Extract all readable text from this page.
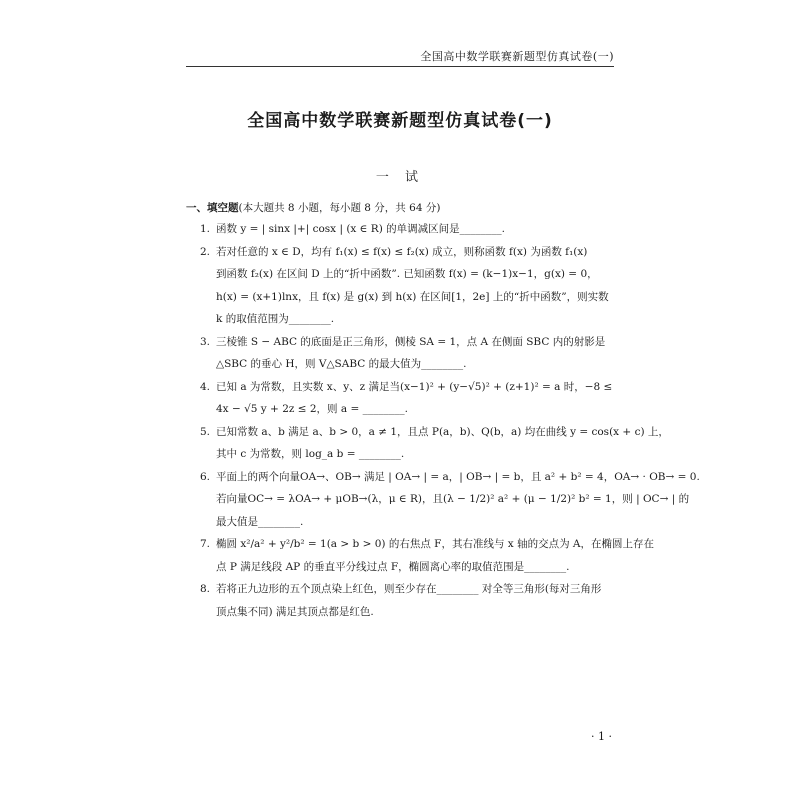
全国高中数学联赛新题型仿真试卷(一)
全国高中数学联赛新题型仿真试卷(一)
一 试
一、填空题(本大题共 8 小题，每小题 8 分，共 64 分)
1. 函数 y = | sinx |+| cosx | (x ∈ R) 的单调减区间是________.
2. 若对任意的 x ∈ D，均有 f₁(x) ≤ f(x) ≤ f₂(x) 成立，则称函数 f(x) 为函数 f₁(x)
到函数 f₂(x) 在区间 D 上的“折中函数”. 已知函数 f(x) = (k−1)x−1，g(x) = 0，
h(x) = (x+1)lnx，且 f(x) 是 g(x) 到 h(x) 在区间[1，2e] 上的“折中函数”，则实数
k 的取值范围为________.
3. 三棱锥 S − ABC 的底面是正三角形，侧棱 SA = 1，点 A 在侧面 SBC 内的射影是
△SBC 的垂心 H，则 V△SABC 的最大值为________.
4. 已知 a 为常数，且实数 x、y、z 满足当(x−1)² + (y−√5)² + (z+1)² = a 时，−8 ≤
4x − √5 y + 2z ≤ 2，则 a = ________.
5. 已知常数 a、b 满足 a、b > 0，a ≠ 1，且点 P(a，b)、Q(b，a) 均在曲线 y = cos(x + c) 上，
其中 c 为常数，则 log_a b = ________.
6. 平面上的两个向量OA→、OB→ 满足 | OA→ | = a，| OB→ | = b，且 a² + b² = 4，OA→ · OB→ = 0.
若向量OC→ = λOA→ + μOB→(λ，μ ∈ R)，且(λ − 1/2)² a² + (μ − 1/2)² b² = 1，则 | OC→ | 的
最大值是________.
7. 椭圆 x²/a² + y²/b² = 1(a > b > 0) 的右焦点 F，其右准线与 x 轴的交点为 A，在椭圆上存在
点 P 满足线段 AP 的垂直平分线过点 F，椭圆离心率的取值范围是________.
8. 若将正九边形的五个顶点染上红色，则至少存在________ 对全等三角形(每对三角形
顶点集不同) 满足其顶点都是红色.
· 1 ·
